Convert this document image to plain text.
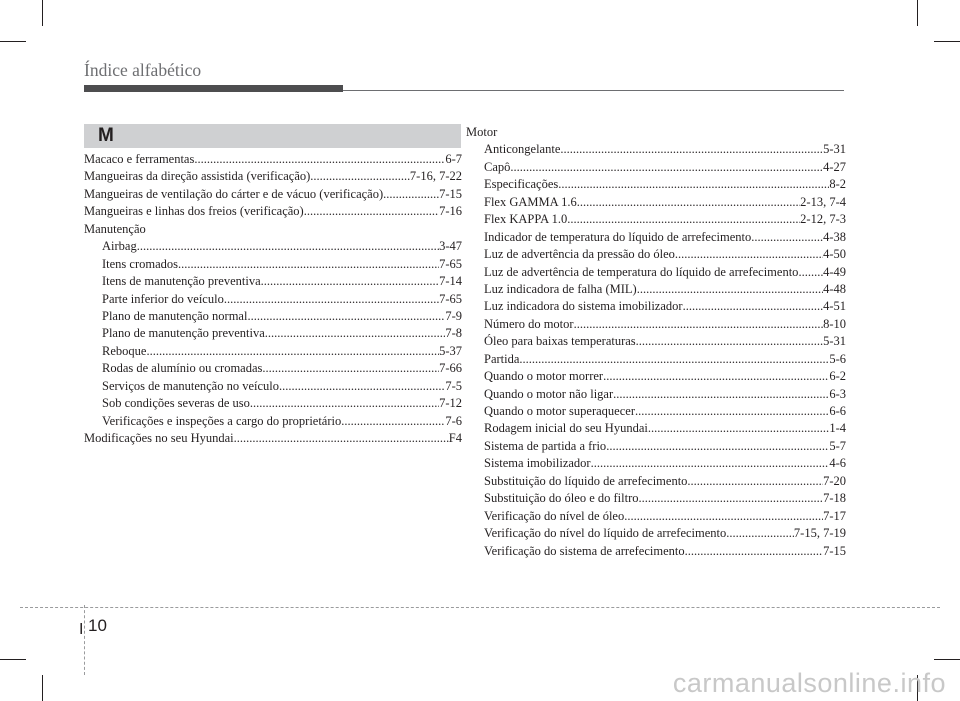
Índice alfabético
M
Macaco e ferramentas .....	6-7
Mangueiras da direção assistida (verificação) .....	7-16, 7-22
Mangueiras de ventilação do cárter e de vácuo (verificação) .....	7-15
Mangueiras e linhas dos freios (verificação) .....	7-16
Manutenção
Airbag .....	3-47
Itens cromados .....	7-65
Itens de manutenção preventiva .....	7-14
Parte inferior do veículo .....	7-65
Plano de manutenção normal .....	7-9
Plano de manutenção preventiva .....	7-8
Reboque .....	5-37
Rodas de alumínio ou cromadas .....	7-66
Serviços de manutenção no veículo .....	7-5
Sob condições severas de uso .....	7-12
Verificações e inspeções a cargo do proprietário .....	7-6
Modificações no seu Hyundai .....	F4
Motor
Anticongelante .....	5-31
Capô .....	4-27
Especificações .....	8-2
Flex GAMMA 1.6 .....	2-13, 7-4
Flex KAPPA 1.0 .....	2-12, 7-3
Indicador de temperatura do líquido de arrefecimento .....	4-38
Luz de advertência da pressão do óleo .....	4-50
Luz de advertência de temperatura do líquido de arrefecimento ..... 4-49
Luz indicadora de falha (MIL) .....	4-48
Luz indicadora do sistema imobilizador .....	4-51
Número do motor .....	8-10
Óleo para baixas temperaturas .....	5-31
Partida .....	5-6
Quando o motor morrer .....	6-2
Quando o motor não ligar .....	6-3
Quando o motor superaquecer .....	6-6
Rodagem inicial do seu Hyundai .....	1-4
Sistema de partida a frio .....	5-7
Sistema imobilizador .....	4-6
Substituição do líquido de arrefecimento .....	7-20
Substituição do óleo e do filtro .....	7-18
Verificação do nível de óleo .....	7-17
Verificação do nível do líquido de arrefecimento .....	7-15, 7-19
Verificação do sistema de arrefecimento .....	7-15
I 10
carmanualsonline.info
